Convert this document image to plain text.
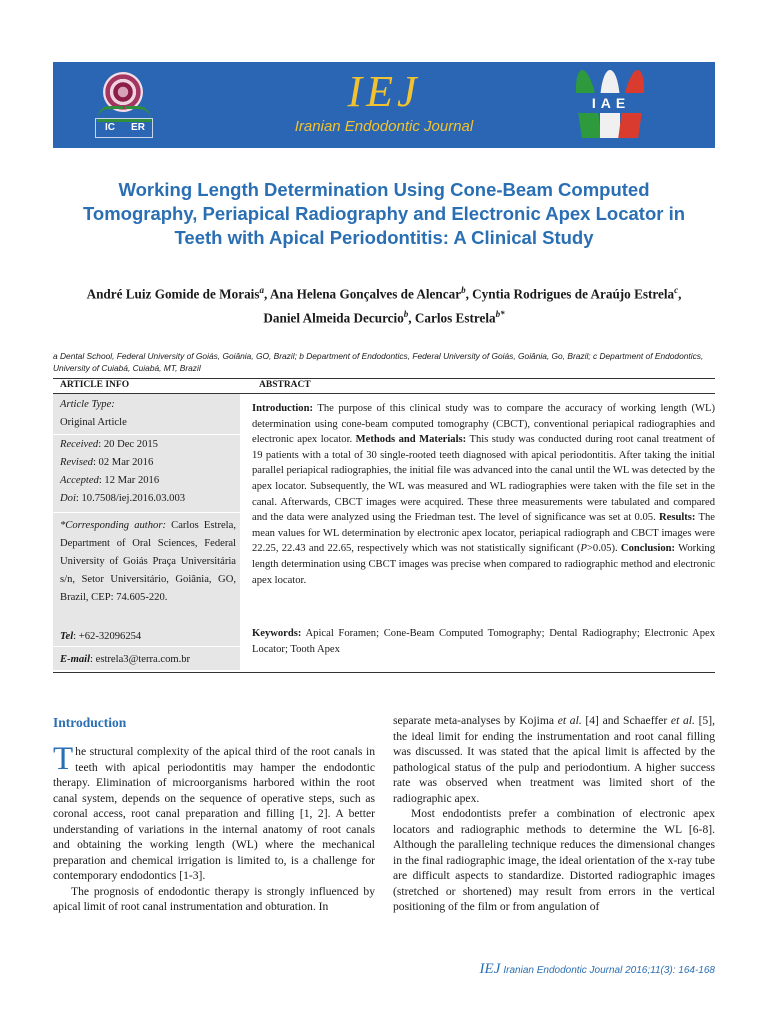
IC	ER
IEJ
Iranian Endodontic Journal
IAE
Working Length Determination Using Cone-Beam Computed Tomography, Periapical Radiography and Electronic Apex Locator in Teeth with Apical Periodontitis: A Clinical Study
André Luiz Gomide de Morais$^a$, Ana Helena Gonçalves de Alencar$^b$, Cyntia Rodrigues de Araújo Estrela$^c$,
Daniel Almeida Decurcio$^b$, Carlos Estrela$^{b*}$
a Dental School, Federal University of Goiás, Goiânia, GO, Brazil; b Department of Endodontics, Federal University of Goiás, Goiânia, Go, Brazil; c Department of Endodontics, University of Cuiabá, Cuiabá, MT, Brazil
ARTICLE INFO	ABSTRACT
Article Type:
Original Article
Received: 20 Dec 2015
Revised: 02 Mar 2016
Accepted: 12 Mar 2016
Doi: 10.7508/iej.2016.03.003
*Corresponding author: Carlos Estrela, Department of Oral Sciences, Federal University of Goiás Praça Universitária s/n, Setor Universitário, Goiânia, GO, Brazil, CEP: 74.605-220.
Tel: +62-32096254
E-mail: estrela3@terra.com.br
Introduction: The purpose of this clinical study was to compare the accuracy of working length (WL) determination using cone-beam computed tomography (CBCT), conventional periapical radiographies and electronic apex locator. Methods and Materials: This study was conducted during root canal treatment of 19 patients with a total of 30 single-rooted teeth diagnosed with apical periodontitis. After taking the initial parallel periapical radiographies, the initial file was advanced into the canal until the WL was detected by the apex locator. Subsequently, the WL was measured and WL radiographies were taken with the file set in the canal. Afterwards, CBCT images were acquired. These three measurements were tabulated and compared and the data were analyzed using the Friedman test. The level of significance was set at 0.05. Results: The mean values for WL determination by electronic apex locator, periapical radiograph and CBCT images were 22.25, 22.43 and 22.65, respectively which was not statistically significant (P>0.05). Conclusion: Working length determination using CBCT images was precise when compared to radiographic method and electronic apex locator.
Keywords: Apical Foramen; Cone-Beam Computed Tomography; Dental Radiography; Electronic Apex Locator; Tooth Apex
Introduction

The structural complexity of the apical third of the root canals in teeth with apical periodontitis may hamper the endodontic therapy. Elimination of microorganisms harbored within the root canal system, depends on the sequence of operative steps, such as coronal access, root canal preparation and filling [1, 2]. A better understanding of variations in the internal anatomy of root canals and obtaining the working length (WL) where the mechanical preparation and chemical irrigation is limited to, is a challenge for contemporary endodontics [1-3].

The prognosis of endodontic therapy is strongly influenced by apical limit of root canal instrumentation and obturation. In

separate meta-analyses by Kojima et al. [4] and Schaeffer et al. [5], the ideal limit for ending the instrumentation and root canal filling was discussed. It was stated that the apical limit is affected by the pathological status of the pulp and periodontium. A higher success rate was observed when treatment was limited short of the radiographic apex.

Most endodontists prefer a combination of electronic apex locators and radiographic methods to determine the WL [6-8]. Although the paralleling technique reduces the dimensional changes in the final radiographic image, the ideal orientation of the x-ray tube are difficult aspects to standardize. Distorted radiographic images (stretched or shortened) may result from errors in the vertical positioning of the film or from angulation of

IEJ Iranian Endodontic Journal 2016;11(3): 164-168
